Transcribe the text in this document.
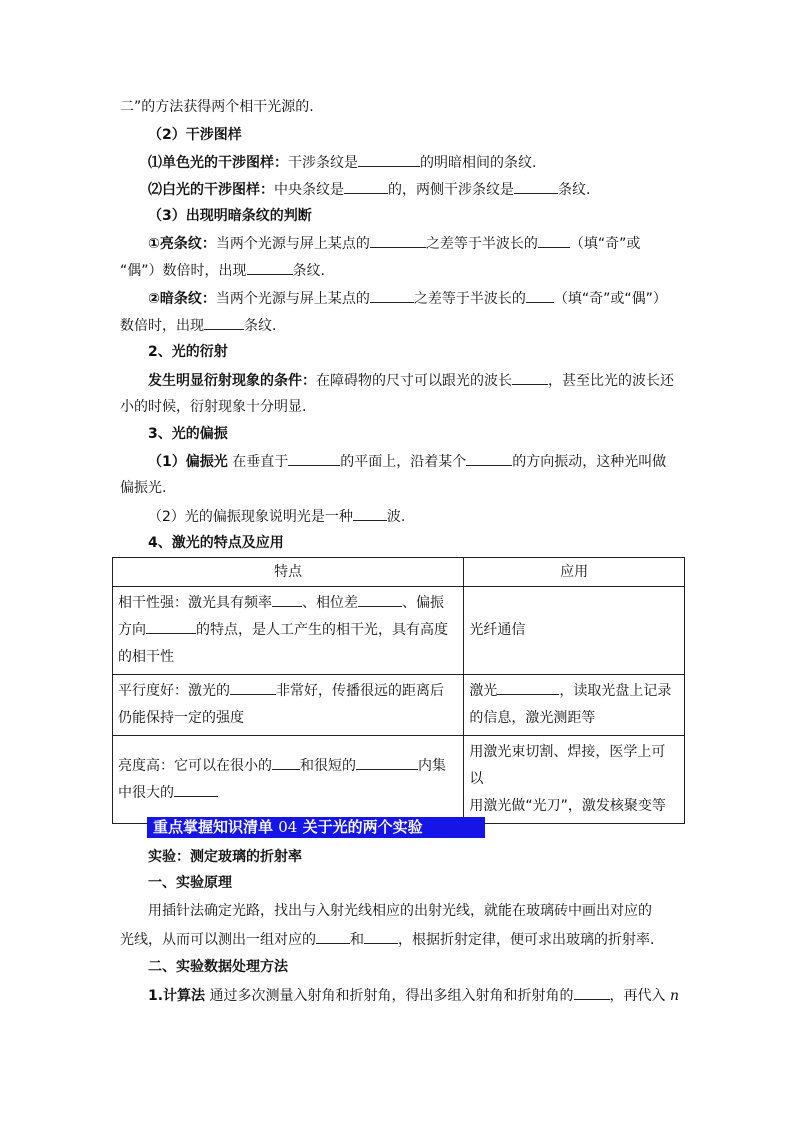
二”的方法获得两个相干光源的.
（2）干涉图样
⑴单色光的干涉图样：干涉条纹是	的明暗相间的条纹.
⑵白光的干涉图样：中央条纹是	的，两侧干涉条纹是	条纹.
（3）出现明暗条纹的判断
①亮条纹：当两个光源与屏上某点的	之差等于半波长的 （填“奇”或
“偶”）数倍时，出现	条纹.
②暗条纹：当两个光源与屏上某点的	之差等于半波长的 （填“奇”或“偶”）
数倍时，出现	条纹.
2、光的衍射
发生明显衍射现象的条件：在障碍物的尺寸可以跟光的波长	，甚至比光的波长还
小的时候，衍射现象十分明显.
3、光的偏振
（1）偏振光 在垂直于	的平面上，沿着某个	的方向振动，这种光叫做
偏振光.
（2）光的偏振现象说明光是一种 波.
4、激光的特点及应用
特点	应用
相干性强：激光具有频率 、相位差 、偏振
方向 的特点，是人工产生的相干光，具有高度
的相干性	光纤通信
平行度好：激光的 非常好，传播很远的距离后
仍能保持一定的强度	激光 ，读取光盘上记录
的信息，激光测距等
亮度高：它可以在很小的 和很短的 内集
中很大的	用激光束切割、焊接，医学上可以
用激光做“光刀”，激发核聚变等
重点掌握知识清单 04 关于光的两个实验
实验：测定玻璃的折射率
一、实验原理
用插针法确定光路，找出与入射光线相应的出射光线，就能在玻璃砖中画出对应的
光线，从而可以测出一组对应的 和 ，根据折射定律，便可求出玻璃的折射率.
二、实验数据处理方法
1.计算法 通过多次测量入射角和折射角，得出多组入射角和折射角的	，再代入 n
